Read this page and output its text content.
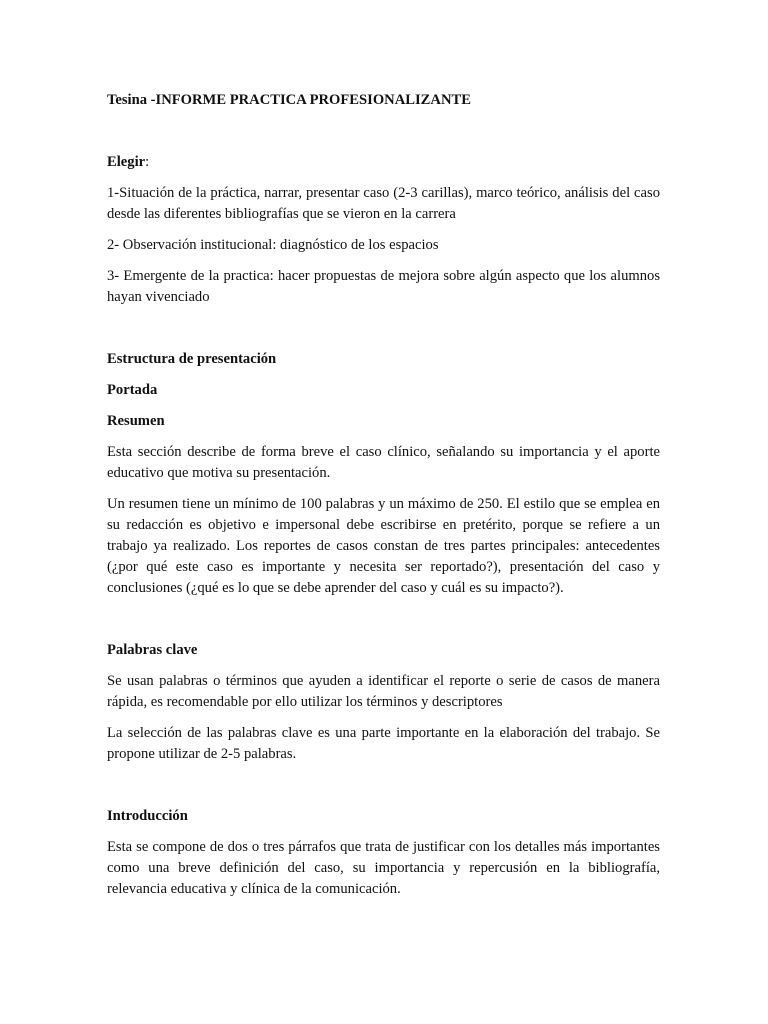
Tesina -INFORME PRACTICA PROFESIONALIZANTE
Elegir:

1-Situación de la práctica, narrar, presentar caso (2-3 carillas), marco teórico, análisis del caso desde las diferentes bibliografías que se vieron en la carrera

2- Observación institucional: diagnóstico de los espacios

3- Emergente de la practica: hacer propuestas de mejora sobre algún aspecto que los alumnos hayan vivenciado

Estructura de presentación
Portada
Resumen

Esta sección describe de forma breve el caso clínico, señalando su importancia y el aporte educativo que motiva su presentación.

Un resumen tiene un mínimo de 100 palabras y un máximo de 250. El estilo que se emplea en su redacción es objetivo e impersonal debe escribirse en pretérito, porque se refiere a un trabajo ya realizado. Los reportes de casos constan de tres partes principales: antecedentes (¿por qué este caso es importante y necesita ser reportado?), presentación del caso y conclusiones (¿qué es lo que se debe aprender del caso y cuál es su impacto?).

Palabras clave

Se usan palabras o términos que ayuden a identificar el reporte o serie de casos de manera rápida, es recomendable por ello utilizar los términos y descriptores

La selección de las palabras clave es una parte importante en la elaboración del trabajo. Se propone utilizar de 2-5 palabras.

Introducción

Esta se compone de dos o tres párrafos que trata de justificar con los detalles más importantes como una breve definición del caso, su importancia y repercusión en la bibliografía, relevancia educativa y clínica de la comunicación.
